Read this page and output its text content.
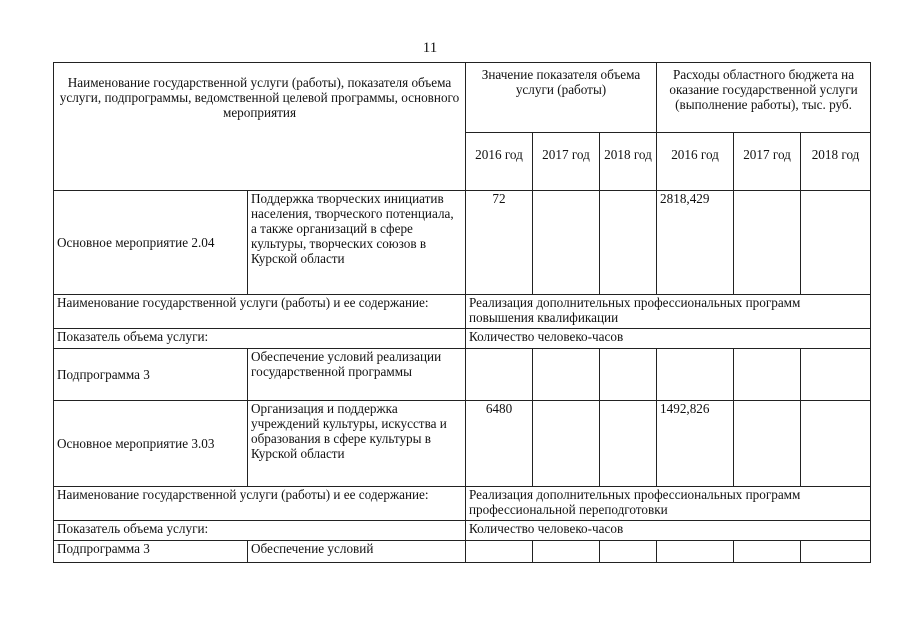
11
Наименование государственной услуги (работы), показателя объема услуги, подпрограммы, ведомственной целевой программы, основного мероприятия		Значение показателя объема услуги (работы)			Расходы областного бюджета на оказание государственной услуги (выполнение работы), тыс. руб.		
		2016 год	2017 год	2018 год	2016 год	2017 год	2018 год
Основное мероприятие 2.04	Поддержка творческих инициатив населения, творческого потенциала, а также организаций в сфере культуры, творческих союзов в Курской области	72			2818,429		
Наименование государственной услуги (работы) и ее содержание:		Реализация дополнительных профессиональных программ повышения квалификации					
Показатель объема услуги:		Количество человеко-часов					
Подпрограмма 3	Обеспечение условий реализации государственной программы						
Основное мероприятие 3.03	Организация и поддержка учреждений культуры, искусства и образования в сфере культуры в Курской области	6480			1492,826		
Наименование государственной услуги (работы) и ее содержание:		Реализация дополнительных профессиональных программ профессиональной переподготовки					
Показатель объема услуги:		Количество человеко-часов					
Подпрограмма 3	Обеспечение условий						
